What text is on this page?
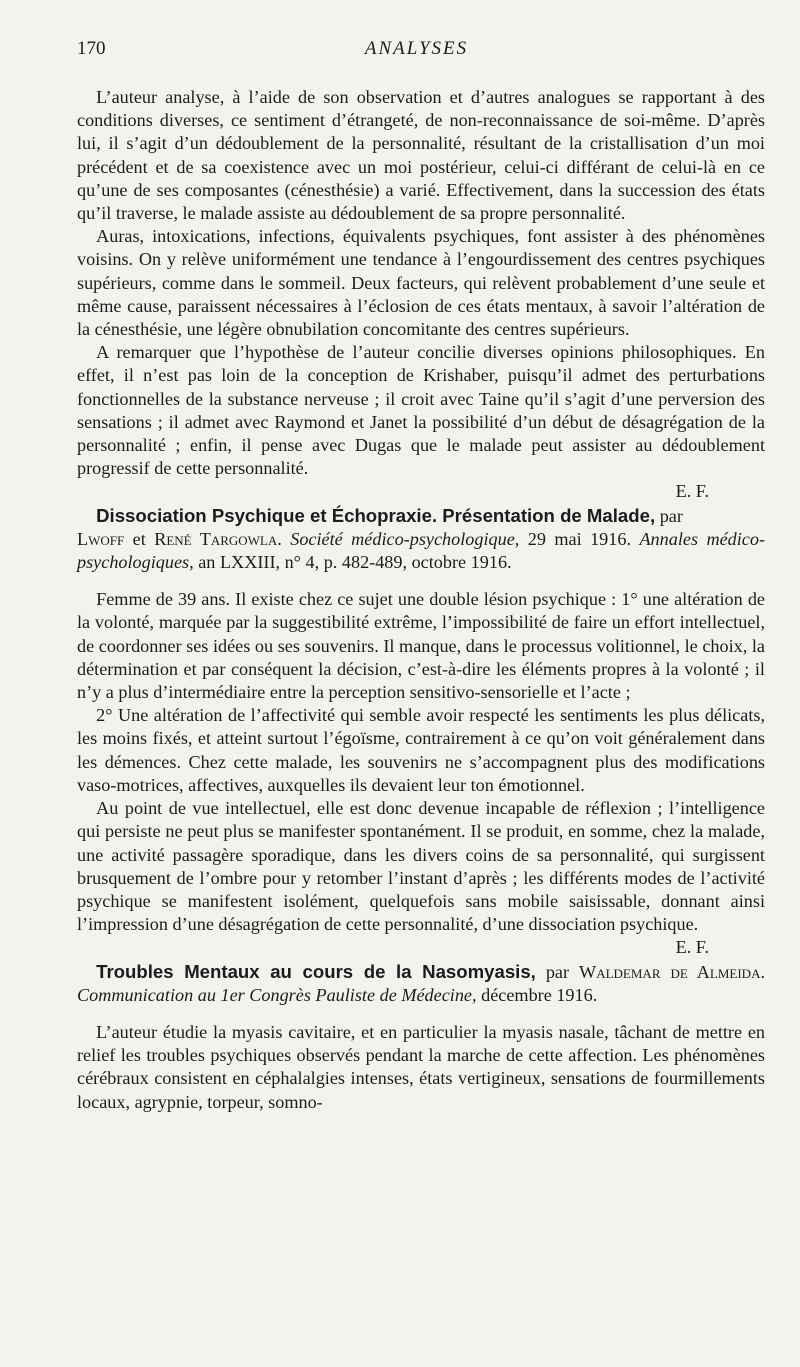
170	ANALYSES

L’auteur analyse, à l’aide de son observation et d’autres analogues se rapportant à des conditions diverses, ce sentiment d’étrangeté, de non-reconnaissance de soi-même. D’après lui, il s’agit d’un dédoublement de la personnalité, résultant de la cristallisation d’un moi précédent et de sa coexistence avec un moi postérieur, celui-ci différant de celui-là en ce qu’une de ses composantes (cénesthésie) a varié. Effectivement, dans la succession des états qu’il traverse, le malade assiste au dédoublement de sa propre personnalité.

Auras, intoxications, infections, équivalents psychiques, font assister à des phénomènes voisins. On y relève uniformément une tendance à l’engourdissement des centres psychiques supérieurs, comme dans le sommeil. Deux facteurs, qui relèvent probablement d’une seule et même cause, paraissent nécessaires à l’éclosion de ces états mentaux, à savoir l’altération de la cénesthésie, une légère obnubilation concomitante des centres supérieurs.

A remarquer que l’hypothèse de l’auteur concilie diverses opinions philosophiques. En effet, il n’est pas loin de la conception de Krishaber, puisqu’il admet des perturbations fonctionnelles de la substance nerveuse ; il croit avec Taine qu’il s’agit d’une perversion des sensations ; il admet avec Raymond et Janet la possibilité d’un début de désagrégation de la personnalité ; enfin, il pense avec Dugas que le malade peut assister au dédoublement progressif de cette personnalité.

E. F.

Dissociation Psychique et Échopraxie. Présentation de Malade, par
Lwoff et René Targowla. Société médico-psychologique, 29 mai 1916. Annales médico-psychologiques, an LXXIII, n° 4, p. 482-489, octobre 1916.

Femme de 39 ans. Il existe chez ce sujet une double lésion psychique : 1° une altération de la volonté, marquée par la suggestibilité extrême, l’impossibilité de faire un effort intellectuel, de coordonner ses idées ou ses souvenirs. Il manque, dans le processus volitionnel, le choix, la détermination et par conséquent la décision, c’est-à-dire les éléments propres à la volonté ; il n’y a plus d’intermédiaire entre la perception sensitivo-sensorielle et l’acte ;

2° Une altération de l’affectivité qui semble avoir respecté les sentiments les plus délicats, les moins fixés, et atteint surtout l’égoïsme, contrairement à ce qu’on voit généralement dans les démences. Chez cette malade, les souvenirs ne s’accompagnent plus des modifications vaso-motrices, affectives, auxquelles ils devaient leur ton émotionnel.

Au point de vue intellectuel, elle est donc devenue incapable de réflexion ; l’intelligence qui persiste ne peut plus se manifester spontanément. Il se produit, en somme, chez la malade, une activité passagère sporadique, dans les divers coins de sa personnalité, qui surgissent brusquement de l’ombre pour y retomber l’instant d’après ; les différents modes de l’activité psychique se manifestent isolément, quelquefois sans mobile saisissable, donnant ainsi l’impression d’une désagrégation de cette personnalité, d’une dissociation psychique.

E. F.

Troubles Mentaux au cours de la Nasomyasis, par Waldemar de Almeida. Communication au 1er Congrès Pauliste de Médecine, décembre 1916.

L’auteur étudie la myasis cavitaire, et en particulier la myasis nasale, tâchant de mettre en relief les troubles psychiques observés pendant la marche de cette affection. Les phénomènes cérébraux consistent en céphalalgies intenses, états vertigineux, sensations de fourmillements locaux, agrypnie, torpeur, somno-
